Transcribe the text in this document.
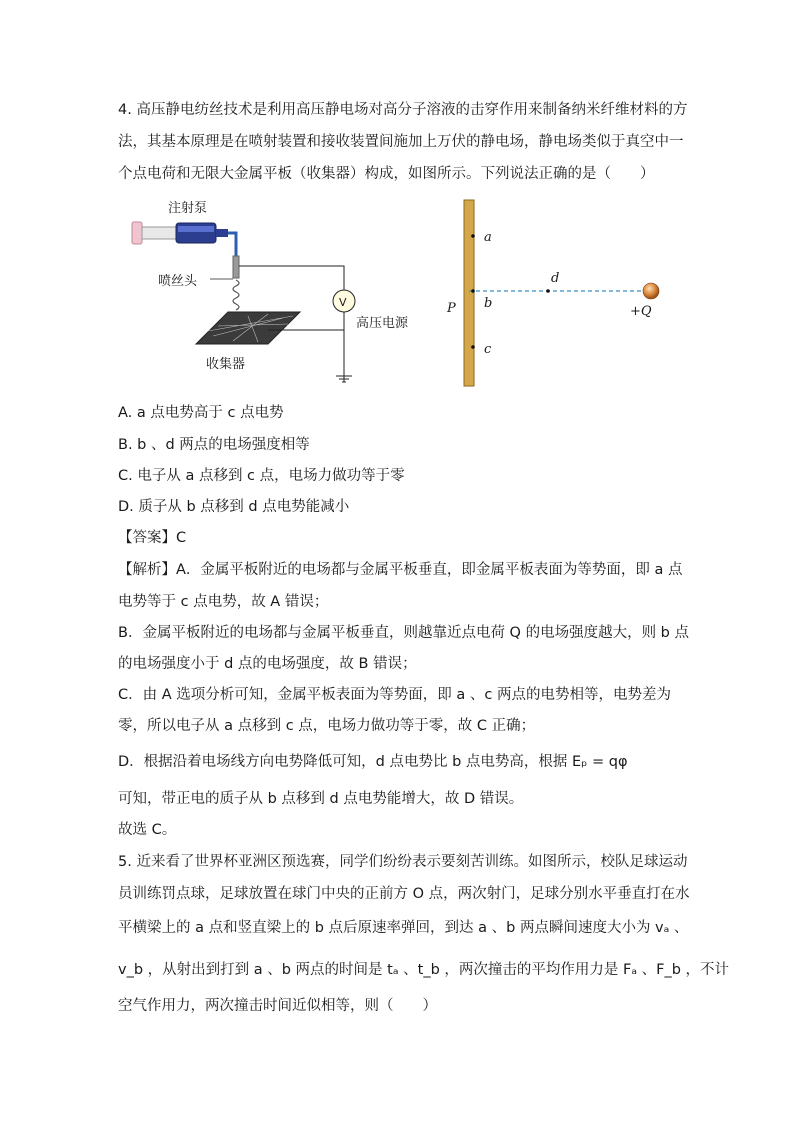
4. 高压静电纺丝技术是利用高压静电场对高分子溶液的击穿作用来制备纳米纤维材料的方
法，其基本原理是在喷射装置和接收装置间施加上万伏的静电场，静电场类似于真空中一
个点电荷和无限大金属平板（收集器）构成，如图所示。下列说法正确的是（　　）
注射泵
喷丝头
V
高压电源
收集器
a
b
c
d
P	+Q
A. a 点电势高于 c 点电势
B. b 、d 两点的电场强度相等
C. 电子从 a 点移到 c 点，电场力做功等于零
D. 质子从 b 点移到 d 点电势能减小
【答案】C
【解析】A．金属平板附近的电场都与金属平板垂直，即金属平板表面为等势面，即 a 点
电势等于 c 点电势，故 A 错误；
B．金属平板附近的电场都与金属平板垂直，则越靠近点电荷 Q 的电场强度越大，则 b 点
的电场强度小于 d 点的电场强度，故 B 错误；
C．由 A 选项分析可知，金属平板表面为等势面，即 a 、c 两点的电势相等，电势差为
零，所以电子从 a 点移到 c 点，电场力做功等于零，故 C 正确；
D．根据沿着电场线方向电势降低可知，d 点电势比 b 点电势高，根据 Eₚ = qφ
可知，带正电的质子从 b 点移到 d 点电势能增大，故 D 错误。
故选 C。
5. 近来看了世界杯亚洲区预选赛，同学们纷纷表示要刻苦训练。如图所示，校队足球运动
员训练罚点球，足球放置在球门中央的正前方 O 点，两次射门，足球分别水平垂直打在水
平横梁上的 a 点和竖直梁上的 b 点后原速率弹回，到达 a 、b 两点瞬间速度大小为 vₐ 、
v_b ，从射出到打到 a 、b 两点的时间是 tₐ 、t_b ，两次撞击的平均作用力是 Fₐ 、F_b ，不计
空气作用力，两次撞击时间近似相等，则（　　）
